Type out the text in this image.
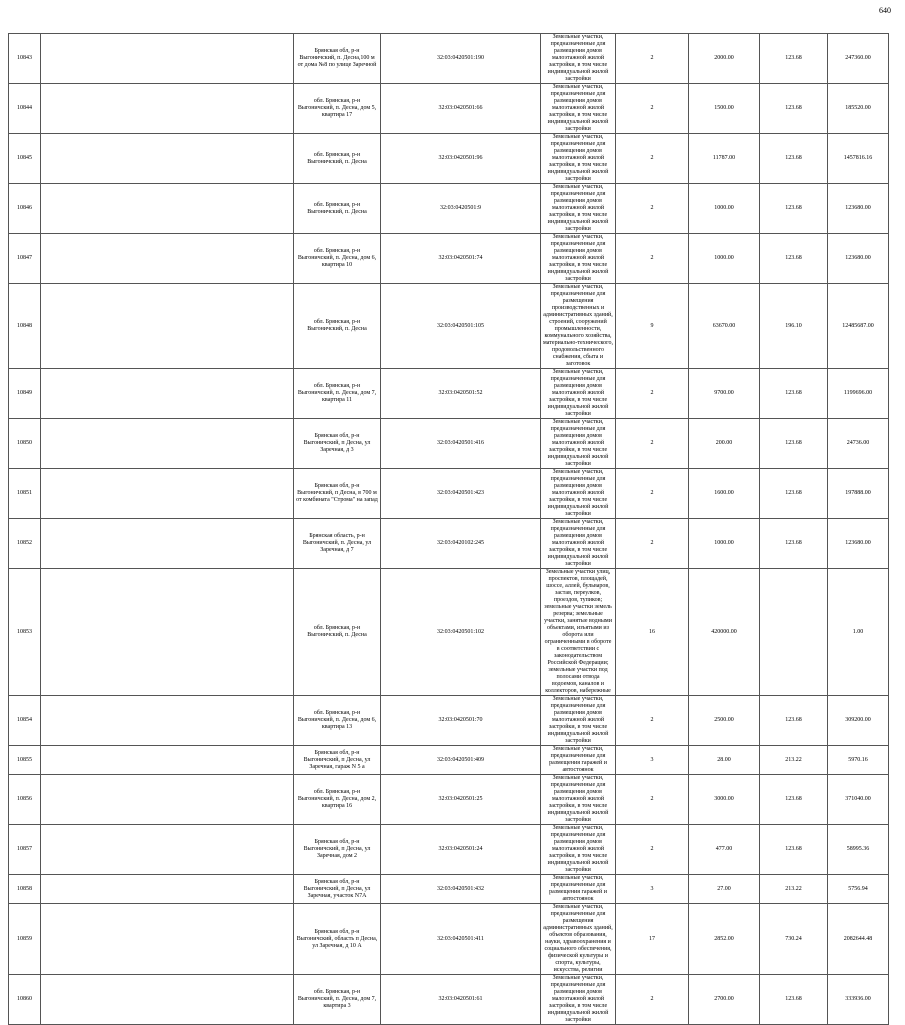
640
10843		Брянская обл, р-н Выгоничский, п. Десна,100 м от дома №8 по улице Заречной	32:03:0420501:190	Земельные участки, предназначенные для размещения домов малоэтажной жилой застройки, в том числе индивидуальной жилой застройки	2	2000.00	123.68	247360.00
10844		обл. Брянская, р-н Выгоничский, п. Десна, дом 5, квартира 17	32:03:0420501:66	Земельные участки, предназначенные для размещения домов малоэтажной жилой застройки, в том числе индивидуальной жилой застройки	2	1500.00	123.68	185520.00
10845		обл. Брянская, р-н Выгоничский, п. Десна	32:03:0420501:96	Земельные участки, предназначенные для размещения домов малоэтажной жилой застройки, в том числе индивидуальной жилой застройки	2	11787.00	123.68	1457816.16
10846		обл. Брянская, р-н Выгоничский, п. Десна	32:03:0420501:9	Земельные участки, предназначенные для размещения домов малоэтажной жилой застройки, в том числе индивидуальной жилой застройки	2	1000.00	123.68	123680.00
10847		обл. Брянская, р-н Выгоничский, п. Десна, дом 6, квартира 10	32:03:0420501:74	Земельные участки, предназначенные для размещения домов малоэтажной жилой застройки, в том числе индивидуальной жилой застройки	2	1000.00	123.68	123680.00
10848		обл. Брянская, р-н Выгоничский, п. Десна	32:03:0420501:105	Земельные участки, предназначенные для размещения производственных и административных зданий, строений, сооружений промышленности, коммунального хозяйства, материально-технического, продовольственного снабжения, сбыта и заготовок	9	63670.00	196.10	12485687.00
10849		обл. Брянская, р-н Выгоничский, п. Десна, дом 7, квартира 11	32:03:0420501:52	Земельные участки, предназначенные для размещения домов малоэтажной жилой застройки, в том числе индивидуальной жилой застройки	2	9700.00	123.68	1199696.00
10850		Брянская обл, р-н Выгоничский, п Десна, ул Заречная, д 3	32:03:0420501:416	Земельные участки, предназначенные для размещения домов малоэтажной жилой застройки, в том числе индивидуальной жилой застройки	2	200.00	123.68	24736.00
10851		Брянская обл, р-н Выгоничский, п Десна, в 700 м от комбината "Строма" на запад	32:03:0420501:423	Земельные участки, предназначенные для размещения домов малоэтажной жилой застройки, в том числе индивидуальной жилой застройки	2	1600.00	123.68	197888.00
10852		Брянская область, р-н Выгоничский, п. Десна, ул Заречная, д 7	32:03:0420102:245	Земельные участки, предназначенные для размещения домов малоэтажной жилой застройки, в том числе индивидуальной жилой застройки	2	1000.00	123.68	123680.00
10853		обл. Брянская, р-н Выгоничский, п. Десна	32:03:0420501:102	Земельные участки улиц, проспектов, площадей, шоссе, аллей, бульваров, застав, переулков, проездов, тупиков; земельные участки земель резерва; земельные участки, занятые водными объектами, изъятыми из оборота или ограниченными в обороте в соответствии с законодательством Российской Федерации; земельные участки под полосами отвода водоемов, каналов и коллекторов, набережные	16	420000.00		1.00
10854		обл. Брянская, р-н Выгоничский, п. Десна, дом 6, квартира 13	32:03:0420501:70	Земельные участки, предназначенные для размещения домов малоэтажной жилой застройки, в том числе индивидуальной жилой застройки	2	2500.00	123.68	309200.00
10855		Брянская обл, р-н Выгоничский, п Десна, ул Заречная, гараж N 5 а	32:03:0420501:409	Земельные участки, предназначенные для размещения гаражей и автостоянок	3	28.00	213.22	5970.16
10856		обл. Брянская, р-н Выгоничский, п. Десна, дом 2, квартира 16	32:03:0420501:25	Земельные участки, предназначенные для размещения домов малоэтажной жилой застройки, в том числе индивидуальной жилой застройки	2	3000.00	123.68	371040.00
10857		Брянская обл, р-н Выгоничский, п Десна, ул Заречная, дом 2	32:03:0420501:24	Земельные участки, предназначенные для размещения домов малоэтажной жилой застройки, в том числе индивидуальной жилой застройки	2	477.00	123.68	58995.36
10858		Брянская обл, р-н Выгоничский, п Десна, ул Заречная, участок N7А	32:03:0420501:432	Земельные участки, предназначенные для размещения гаражей и автостоянок	3	27.00	213.22	5756.94
10859		Брянская обл, р-н Выгоничский, область п Десна, ул Заречная, д 10 А	32:03:0420501:411	Земельные участки, предназначенные для размещения административных зданий, объектов образования, науки, здравоохранения и социального обеспечения, физической культуры и спорта, культуры, искусства, религии	17	2852.00	730.24	2082644.48
10860		обл. Брянская, р-н Выгоничский, п. Десна, дом 7, квартира 3	32:03:0420501:61	Земельные участки, предназначенные для размещения домов малоэтажной жилой застройки, в том числе индивидуальной жилой застройки	2	2700.00	123.68	333936.00
